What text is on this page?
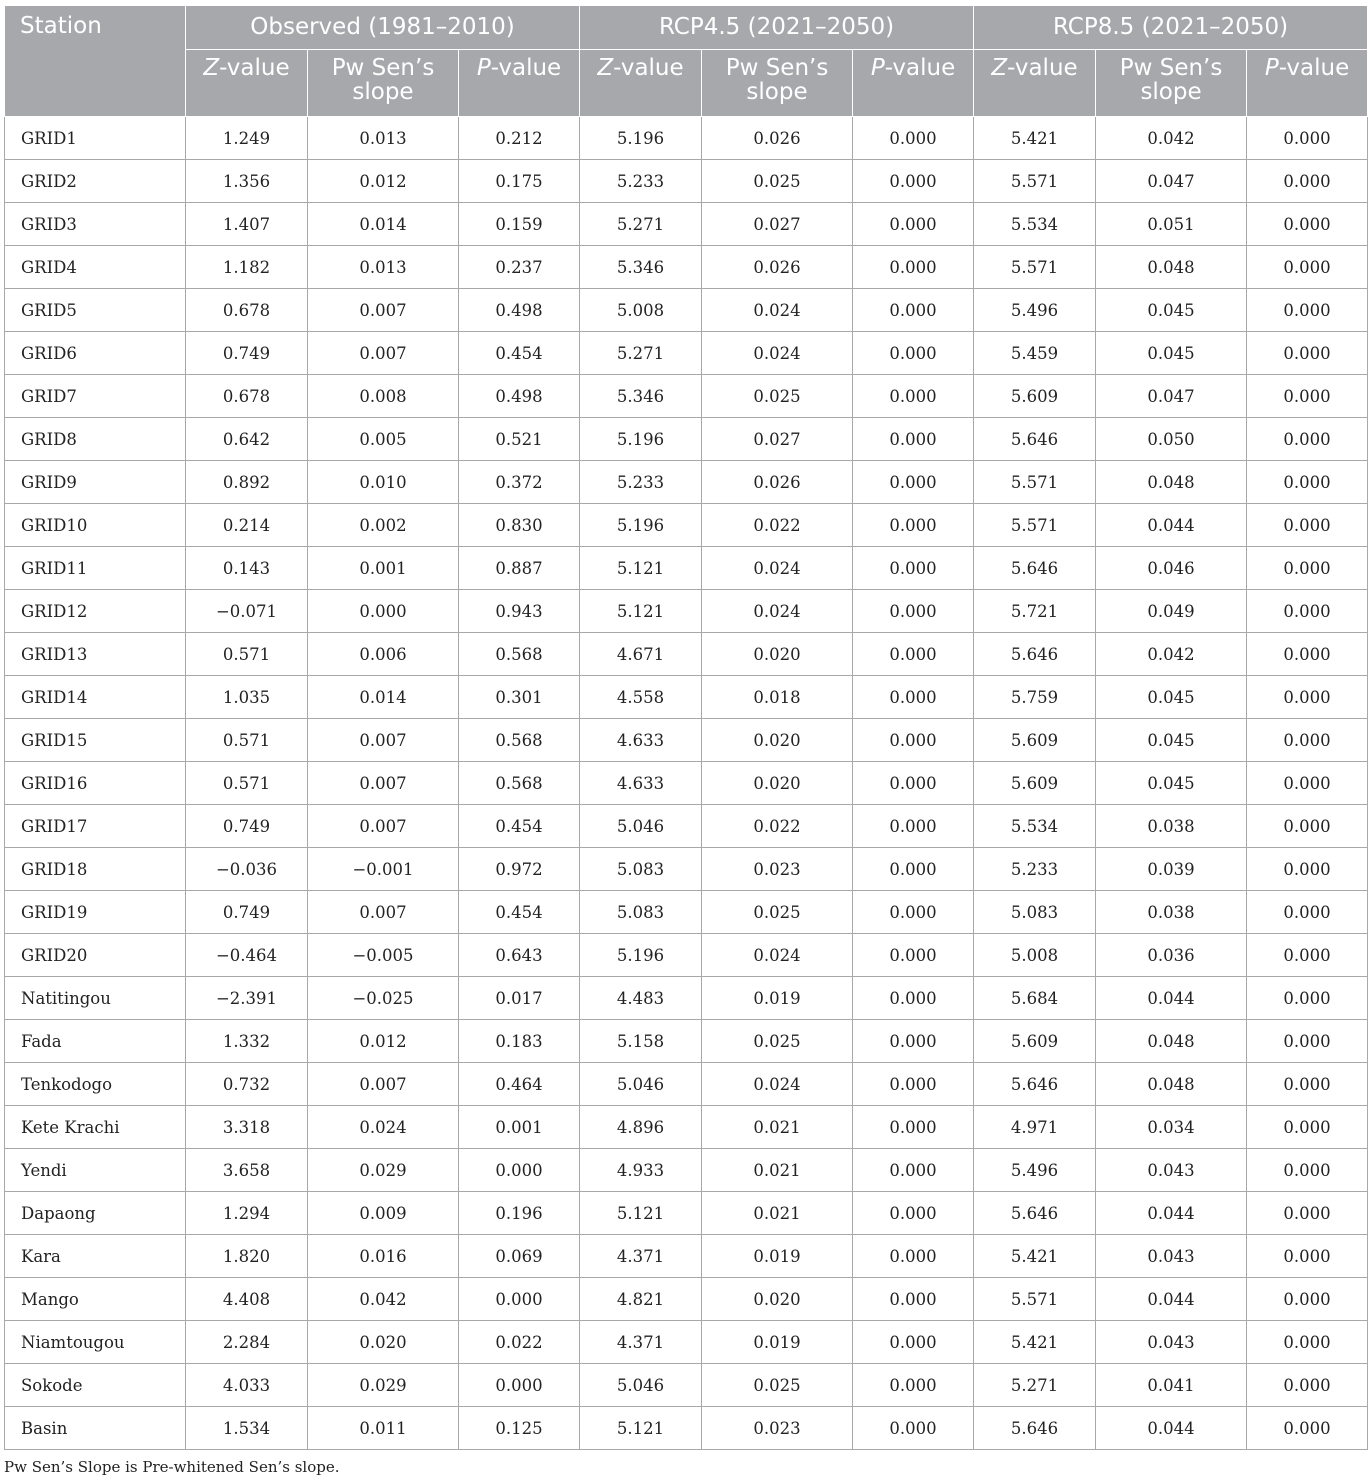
Station	Observed (1981–2010)			RCP4.5 (2021–2050)			RCP8.5 (2021–2050)		
	Z-value	Pw Sen’s slope	P-value	Z-value	Pw Sen’s slope	P-value	Z-value	Pw Sen’s slope	P-value
GRID1	1.249	0.013	0.212	5.196	0.026	0.000	5.421	0.042	0.000
GRID2	1.356	0.012	0.175	5.233	0.025	0.000	5.571	0.047	0.000
GRID3	1.407	0.014	0.159	5.271	0.027	0.000	5.534	0.051	0.000
GRID4	1.182	0.013	0.237	5.346	0.026	0.000	5.571	0.048	0.000
GRID5	0.678	0.007	0.498	5.008	0.024	0.000	5.496	0.045	0.000
GRID6	0.749	0.007	0.454	5.271	0.024	0.000	5.459	0.045	0.000
GRID7	0.678	0.008	0.498	5.346	0.025	0.000	5.609	0.047	0.000
GRID8	0.642	0.005	0.521	5.196	0.027	0.000	5.646	0.050	0.000
GRID9	0.892	0.010	0.372	5.233	0.026	0.000	5.571	0.048	0.000
GRID10	0.214	0.002	0.830	5.196	0.022	0.000	5.571	0.044	0.000
GRID11	0.143	0.001	0.887	5.121	0.024	0.000	5.646	0.046	0.000
GRID12	−0.071	0.000	0.943	5.121	0.024	0.000	5.721	0.049	0.000
GRID13	0.571	0.006	0.568	4.671	0.020	0.000	5.646	0.042	0.000
GRID14	1.035	0.014	0.301	4.558	0.018	0.000	5.759	0.045	0.000
GRID15	0.571	0.007	0.568	4.633	0.020	0.000	5.609	0.045	0.000
GRID16	0.571	0.007	0.568	4.633	0.020	0.000	5.609	0.045	0.000
GRID17	0.749	0.007	0.454	5.046	0.022	0.000	5.534	0.038	0.000
GRID18	−0.036	−0.001	0.972	5.083	0.023	0.000	5.233	0.039	0.000
GRID19	0.749	0.007	0.454	5.083	0.025	0.000	5.083	0.038	0.000
GRID20	−0.464	−0.005	0.643	5.196	0.024	0.000	5.008	0.036	0.000
Natitingou	−2.391	−0.025	0.017	4.483	0.019	0.000	5.684	0.044	0.000
Fada	1.332	0.012	0.183	5.158	0.025	0.000	5.609	0.048	0.000
Tenkodogo	0.732	0.007	0.464	5.046	0.024	0.000	5.646	0.048	0.000
Kete Krachi	3.318	0.024	0.001	4.896	0.021	0.000	4.971	0.034	0.000
Yendi	3.658	0.029	0.000	4.933	0.021	0.000	5.496	0.043	0.000
Dapaong	1.294	0.009	0.196	5.121	0.021	0.000	5.646	0.044	0.000
Kara	1.820	0.016	0.069	4.371	0.019	0.000	5.421	0.043	0.000
Mango	4.408	0.042	0.000	4.821	0.020	0.000	5.571	0.044	0.000
Niamtougou	2.284	0.020	0.022	4.371	0.019	0.000	5.421	0.043	0.000
Sokode	4.033	0.029	0.000	5.046	0.025	0.000	5.271	0.041	0.000
Basin	1.534	0.011	0.125	5.121	0.023	0.000	5.646	0.044	0.000
Pw Sen’s Slope is Pre-whitened Sen’s slope.
